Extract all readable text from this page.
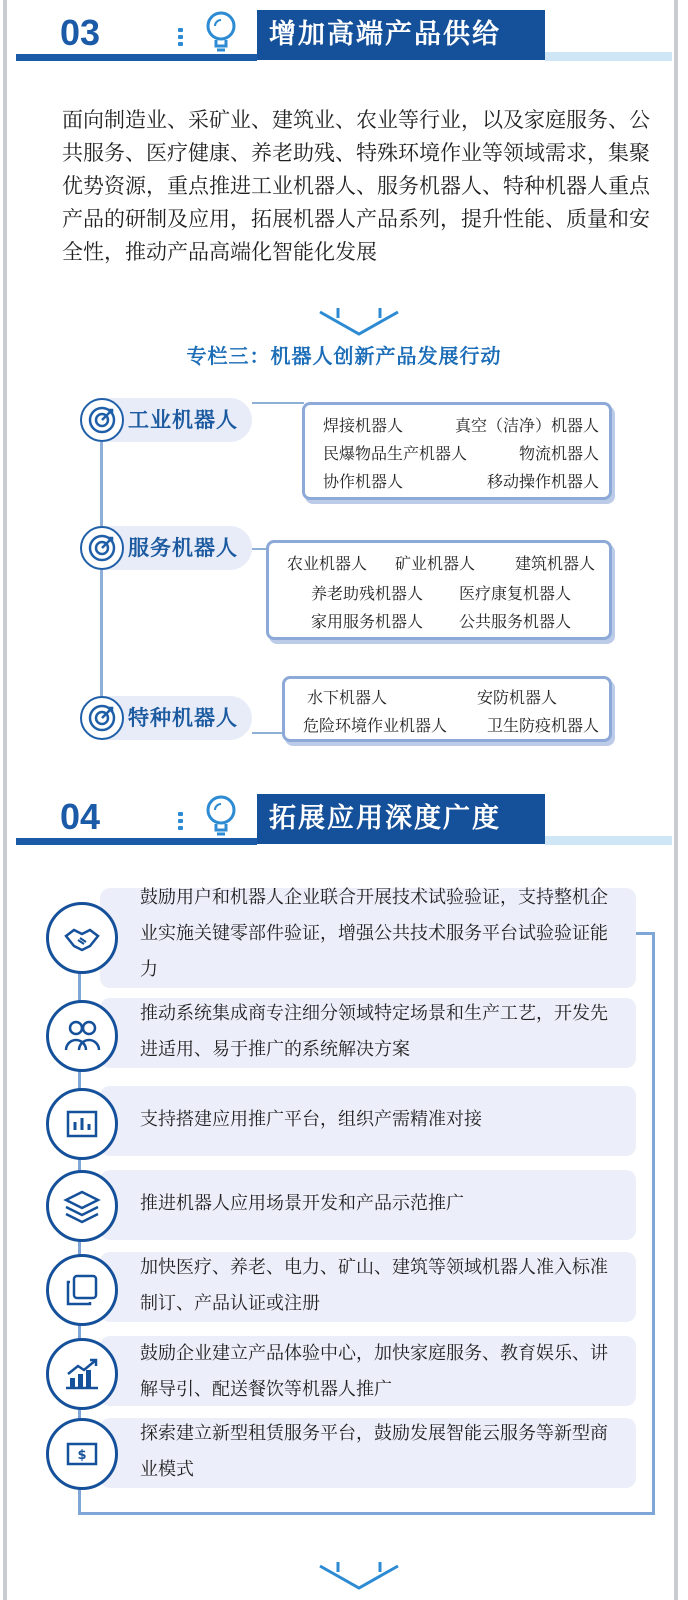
03	增加高端产品供给
面向制造业、采矿业、建筑业、农业等行业，以及家庭服务、公共服务、医疗健康、养老助残、特殊环境作业等领域需求，集聚优势资源，重点推进工业机器人、服务机器人、特种机器人重点产品的研制及应用，拓展机器人产品系列，提升性能、质量和安全性，推动产品高端化智能化发展
专栏三：机器人创新产品发展行动
工业机器人	焊接机器人	真空（洁净）机器人
民爆物品生产机器人	物流机器人
协作机器人	移动操作机器人
服务机器人
农业机器人 矿业机器人 建筑机器人
养老助残机器人 医疗康复机器人
家用服务机器人 公共服务机器人
特种机器人
水下机器人	安防机器人
危险环境作业机器人 卫生防疫机器人
04	拓展应用深度广度
鼓励用户和机器人企业联合开展技术试验验证，支持整机企业实施关键零部件验证，增强公共技术服务平台试验验证能力
推动系统集成商专注细分领域特定场景和生产工艺，开发先进适用、易于推广的系统解决方案
支持搭建应用推广平台，组织产需精准对接
推进机器人应用场景开发和产品示范推广
加快医疗、养老、电力、矿山、建筑等领域机器人准入标准制订、产品认证或注册
鼓励企业建立产品体验中心，加快家庭服务、教育娱乐、讲解导引、配送餐饮等机器人推广
探索建立新型租赁服务平台，鼓励发展智能云服务等新型商业模式
$
